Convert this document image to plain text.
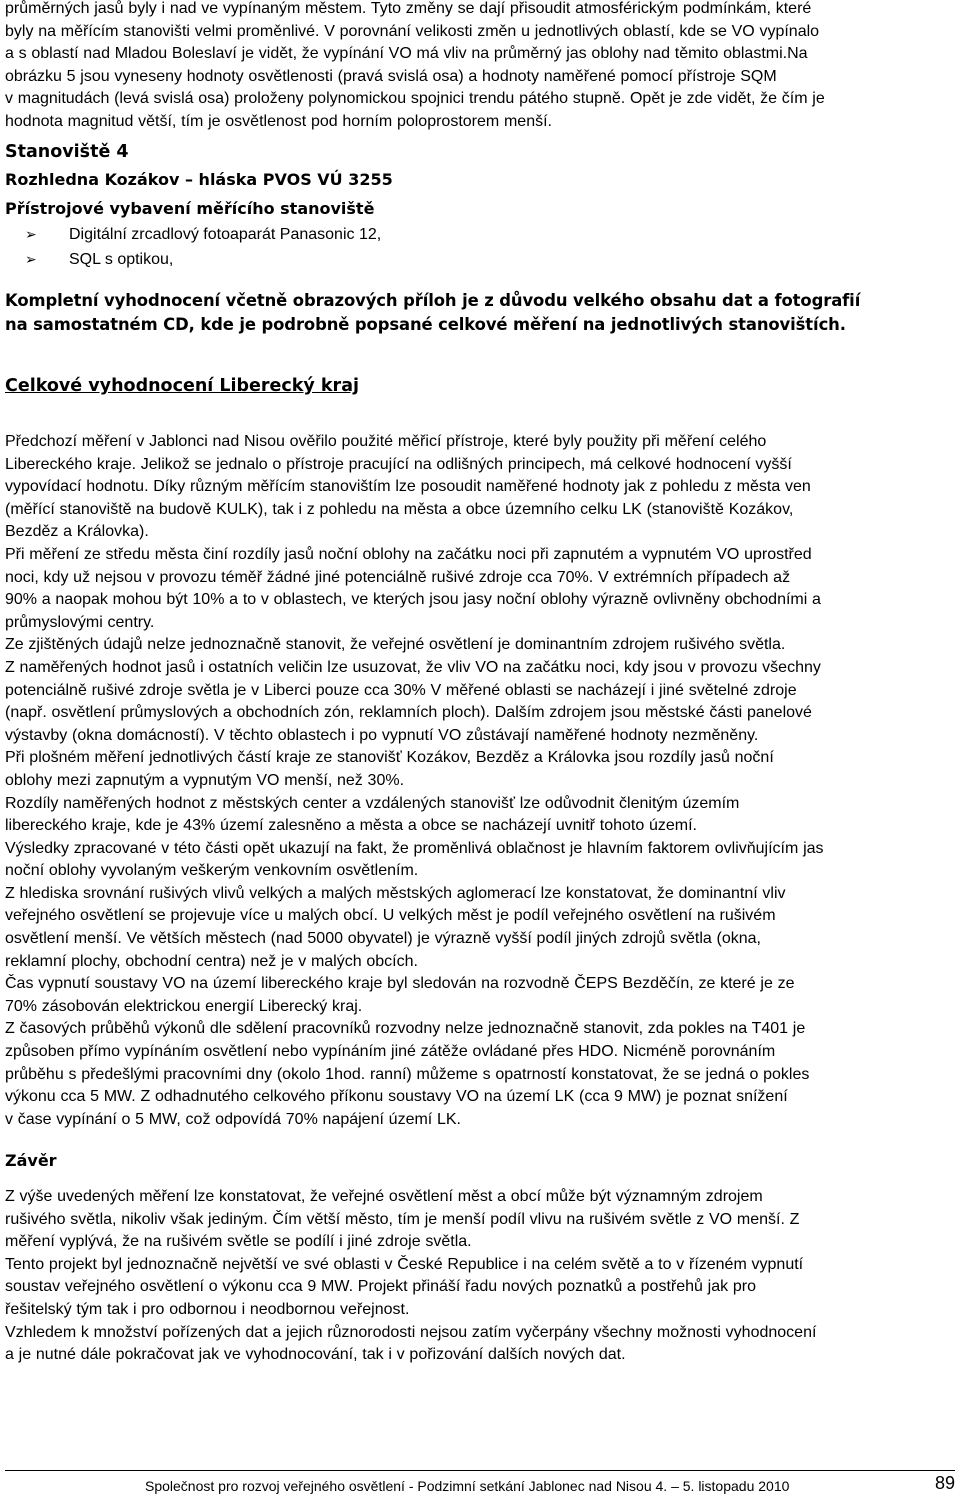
průměrných jasů byly i nad ve vypínaným městem. Tyto změny se dají přisoudit atmosférickým podmínkám, které

byly na měřícím stanovišti velmi proměnlivé. V porovnání velikosti změn u jednotlivých oblastí, kde se VO vypínalo

a s oblastí nad Mladou Boleslaví je vidět, že vypínání VO má vliv na průměrný jas oblohy nad těmito oblastmi.Na

obrázku 5 jsou vyneseny hodnoty osvětlenosti (pravá svislá osa) a hodnoty naměřené pomocí přístroje SQM

v magnitudách (levá svislá osa) proloženy polynomickou spojnici trendu pátého stupně. Opět je zde vidět, že čím je

hodnota magnitud větší, tím je osvětlenost pod horním poloprostorem menší.

Stanoviště 4

Rozhledna Kozákov – hláska PVOS VÚ 3255

Přístrojové vybavení měřícího stanoviště

➢ Digitální zrcadlový fotoaparát Panasonic 12,
➢ SQL s optikou,

Kompletní vyhodnocení včetně obrazových příloh je z důvodu velkého obsahu dat a fotografií

na samostatném CD, kde je podrobně popsané celkové měření na jednotlivých stanovištích.

Celkové vyhodnocení Liberecký kraj

Předchozí měření v Jablonci nad Nisou ověřilo použité měřicí přístroje, které byly použity při měření celého

Libereckého kraje. Jelikož se jednalo o přístroje pracující na odlišných principech, má celkové hodnocení vyšší

vypovídací hodnotu. Díky různým měřícím stanovištím lze posoudit naměřené hodnoty jak z pohledu z města ven

(měřící stanoviště na budově KULK), tak i z pohledu na města a obce územního celku LK (stanoviště Kozákov,

Bezděz a Královka).

Při měření ze středu města činí rozdíly jasů noční oblohy na začátku noci při zapnutém a vypnutém VO uprostřed

noci, kdy už nejsou v provozu téměř žádné jiné potenciálně rušivé zdroje cca 70%. V extrémních případech až

90% a naopak mohou být 10% a to v oblastech, ve kterých jsou jasy noční oblohy výrazně ovlivněny obchodními a

průmyslovými centry.

Ze zjištěných údajů nelze jednoznačně stanovit, že veřejné osvětlení je dominantním zdrojem rušivého světla.

Z naměřených hodnot jasů i ostatních veličin lze usuzovat, že vliv VO na začátku noci, kdy jsou v provozu všechny

potenciálně rušivé zdroje světla je v Liberci pouze cca 30% V měřené oblasti se nacházejí i jiné světelné zdroje

(např. osvětlení průmyslových a obchodních zón, reklamních ploch). Dalším zdrojem jsou městské části panelové

výstavby (okna domácností). V těchto oblastech i po vypnutí VO zůstávají naměřené hodnoty nezměněny.

Při plošném měření jednotlivých částí kraje ze stanovišť Kozákov, Bezděz a Královka jsou rozdíly jasů noční

oblohy mezi zapnutým a vypnutým VO menší, než 30%.

Rozdíly naměřených hodnot z městských center a vzdálených stanovišť lze odůvodnit členitým územím

libereckého kraje, kde je 43% území zalesněno a města a obce se nacházejí uvnitř tohoto území.

Výsledky zpracované v této části opět ukazují na fakt, že proměnlivá oblačnost je hlavním faktorem ovlivňujícím jas

noční oblohy vyvolaným veškerým venkovním osvětlením.

Z hlediska srovnání rušivých vlivů velkých a malých městských aglomerací lze konstatovat, že dominantní vliv

veřejného osvětlení se projevuje více u malých obcí. U velkých měst je podíl veřejného osvětlení na rušivém

osvětlení menší. Ve větších městech (nad 5000 obyvatel) je výrazně vyšší podíl jiných zdrojů světla (okna,

reklamní plochy, obchodní centra) než je v malých obcích.

Čas vypnutí soustavy VO na území libereckého kraje byl sledován na rozvodně ČEPS Bezděčín, ze které je ze

70% zásobován elektrickou energií Liberecký kraj.

Z časových průběhů výkonů dle sdělení pracovníků rozvodny nelze jednoznačně stanovit, zda pokles na T401 je

způsoben přímo vypínáním osvětlení nebo vypínáním jiné zátěže ovládané přes HDO. Nicméně porovnáním

průběhu s předešlými pracovními dny (okolo 1hod. ranní) můžeme s opatrností konstatovat, že se jedná o pokles

výkonu cca 5 MW. Z odhadnutého celkového příkonu soustavy VO na území LK (cca 9 MW) je poznat snížení

v čase vypínání o 5 MW, což odpovídá 70% napájení území LK.

Závěr

Z výše uvedených měření lze konstatovat, že veřejné osvětlení měst a obcí může být významným zdrojem

rušivého světla, nikoliv však jediným. Čím větší město, tím je menší podíl vlivu na rušivém světle z VO menší. Z

měření vyplývá, že na rušivém světle se podílí i jiné zdroje světla.

Tento projekt byl jednoznačně největší ve své oblasti v České Republice i na celém světě a to v řízeném vypnutí

soustav veřejného osvětlení o výkonu cca 9 MW. Projekt přináší řadu nových poznatků a postřehů jak pro

řešitelský tým tak i pro odbornou i neodbornou veřejnost.

Vzhledem k množství pořízených dat a jejich různorodosti nejsou zatím vyčerpány všechny možnosti vyhodnocení

a je nutné dále pokračovat jak ve vyhodnocování, tak i v pořizování dalších nových dat.

Společnost pro rozvoj veřejného osvětlení - Podzimní setkání Jablonec nad Nisou 4. – 5. listopadu 2010	89
